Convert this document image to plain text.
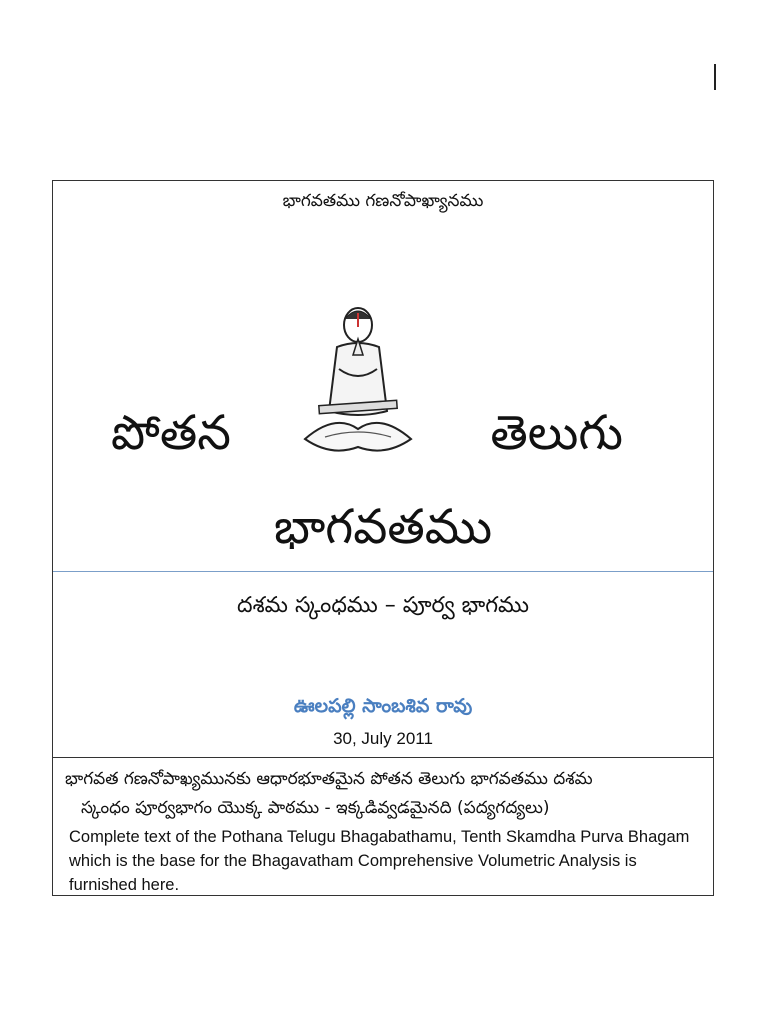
భాగవతము గణనోపాఖ్యానము
పోతన	తెలుగు
భాగవతము
దశమ స్కంధము – పూర్వ భాగము
ఊలపల్లి సాంబశివ రావు
30, July 2011
భాగవత గణనోపాఖ్యమునకు ఆధారభూతమైన పోతన తెలుగు భాగవతము దశమ
స్కంధం పూర్వభాగం యొక్క పాఠము - ఇక్కడివ్వడమైనది (పద్యగద్యలు)
Complete text of the Pothana Telugu Bhagabathamu, Tenth Skamdha Purva Bhagam which is the base for the Bhagavatham Comprehensive Volumetric Analysis is furnished here.
